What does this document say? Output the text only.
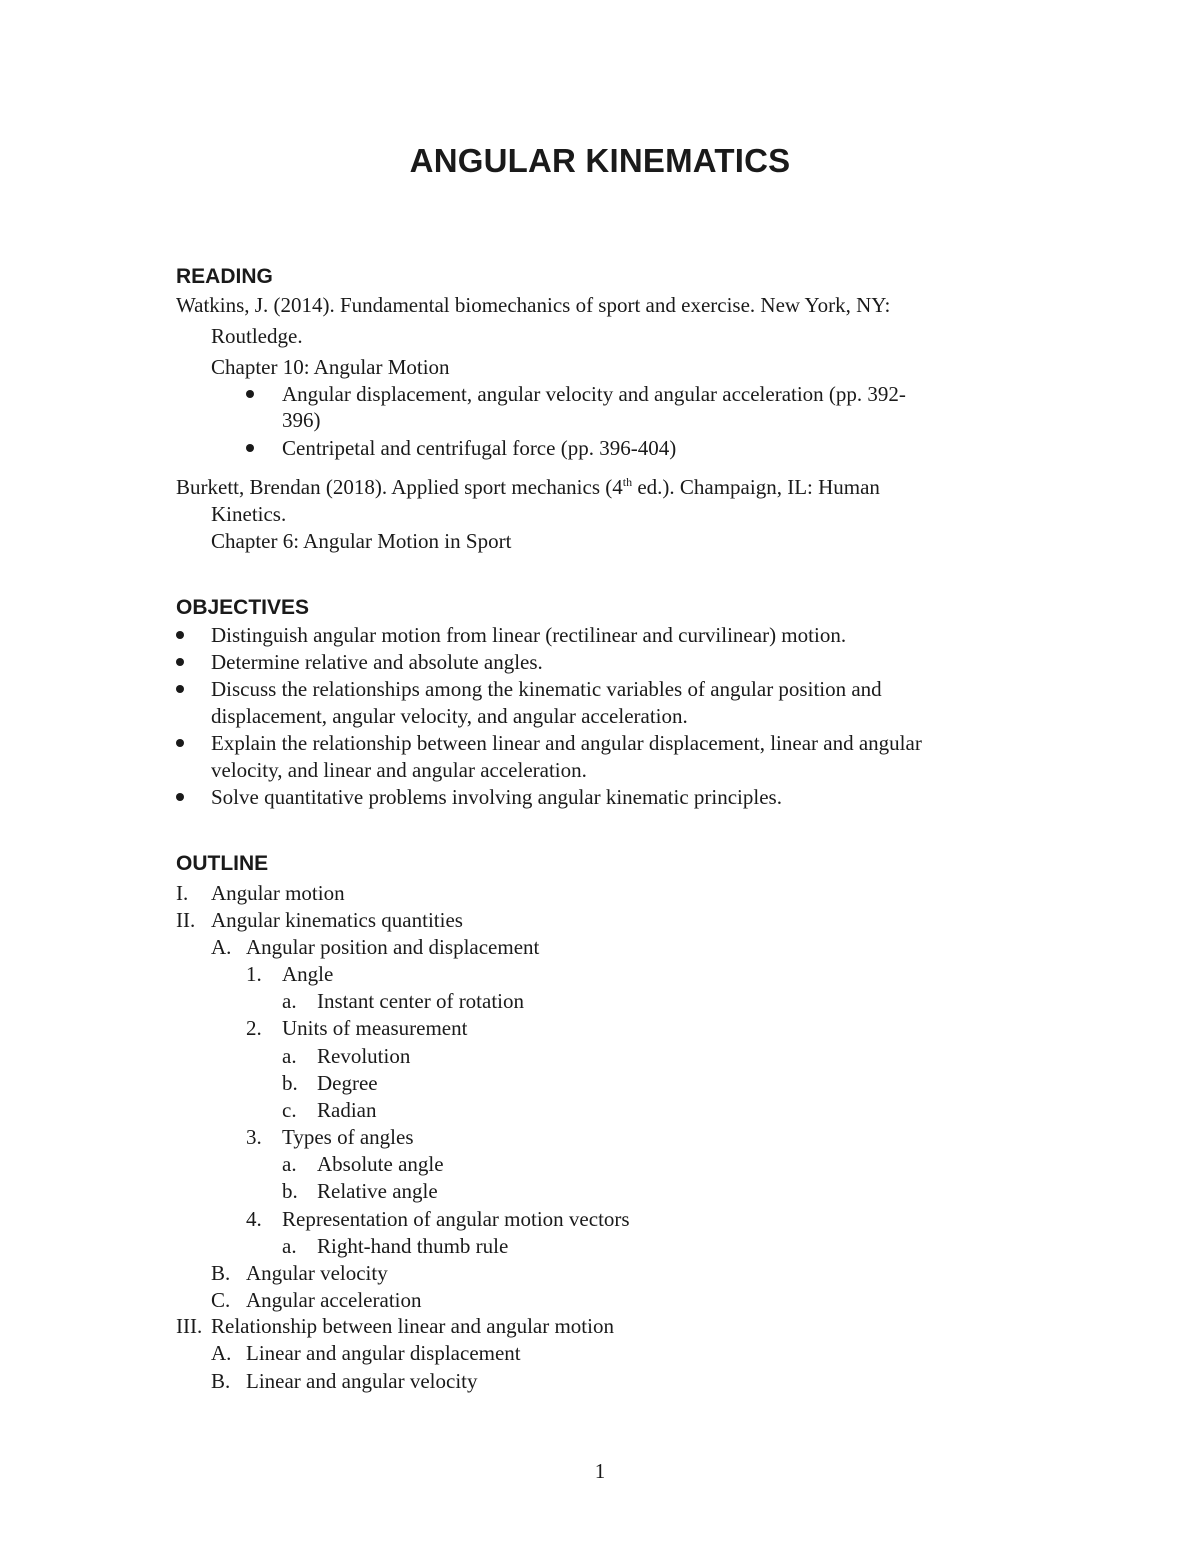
ANGULAR KINEMATICS
READING
Watkins, J. (2014). Fundamental biomechanics of sport and exercise. New York, NY:
Routledge.
Chapter 10: Angular Motion
Angular displacement, angular velocity and angular acceleration (pp. 392-
396)
Centripetal and centrifugal force (pp. 396-404)
Burkett, Brendan (2018). Applied sport mechanics (4th ed.). Champaign, IL: Human
Kinetics.
Chapter 6: Angular Motion in Sport
OBJECTIVES
Distinguish angular motion from linear (rectilinear and curvilinear) motion.
Determine relative and absolute angles.
Discuss the relationships among the kinematic variables of angular position and
displacement, angular velocity, and angular acceleration.
Explain the relationship between linear and angular displacement, linear and angular
velocity, and linear and angular acceleration.
Solve quantitative problems involving angular kinematic principles.
OUTLINE
I. Angular motion
II. Angular kinematics quantities
A. Angular position and displacement
1. Angle
a. Instant center of rotation
2. Units of measurement
a. Revolution
b. Degree
c. Radian
3. Types of angles
a. Absolute angle
b. Relative angle
4. Representation of angular motion vectors
a. Right-hand thumb rule
B. Angular velocity
C. Angular acceleration
III. Relationship between linear and angular motion
A. Linear and angular displacement
B. Linear and angular velocity
1
